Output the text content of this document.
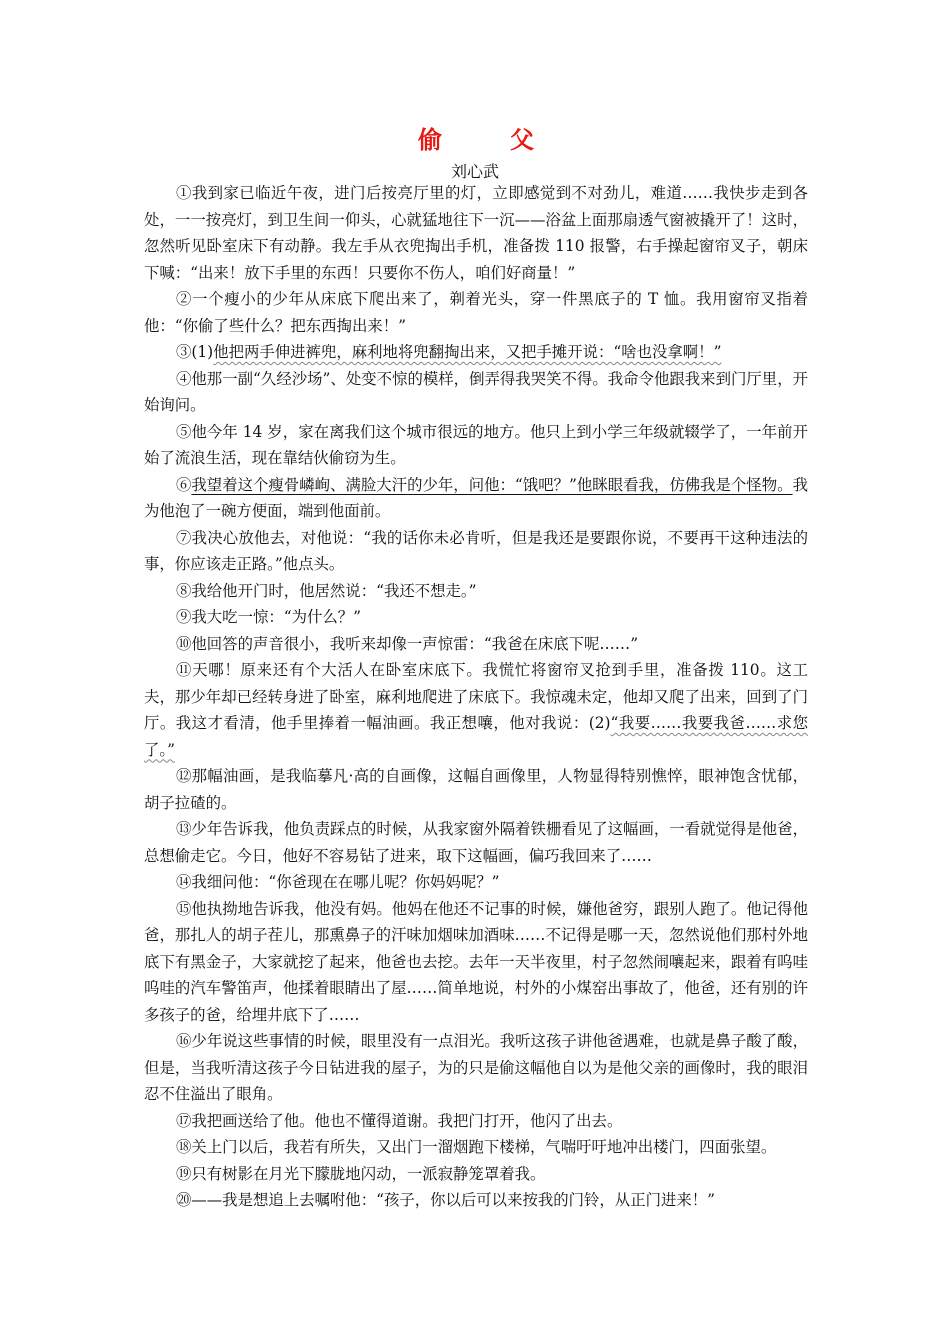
偷　父
刘心武

①我到家已临近午夜，进门后按亮厅里的灯，立即感觉到不对劲儿，难道……我快步走到各处，一一按亮灯，到卫生间一仰头，心就猛地往下一沉——浴盆上面那扇透气窗被撬开了！这时，忽然听见卧室床下有动静。我左手从衣兜掏出手机，准备拨 110 报警，右手操起窗帘叉子，朝床下喊：“出来！放下手里的东西！只要你不伤人，咱们好商量！”

②一个瘦小的少年从床底下爬出来了，剃着光头，穿一件黑底子的 T 恤。我用窗帘叉指着他：“你偷了些什么？把东西掏出来！”

③(1)他把两手伸进裤兜，麻利地将兜翻掏出来，又把手摊开说：“啥也没拿啊！”

④他那一副“久经沙场”、处变不惊的模样，倒弄得我哭笑不得。我命令他跟我来到门厅里，开始询问。

⑤他今年 14 岁，家在离我们这个城市很远的地方。他只上到小学三年级就辍学了，一年前开始了流浪生活，现在靠结伙偷窃为生。

⑥我望着这个瘦骨嶙峋、满脸大汗的少年，问他：“饿吧？”他眯眼看我，仿佛我是个怪物。我为他泡了一碗方便面，端到他面前。

⑦我决心放他去，对他说：“我的话你未必肯听，但是我还是要跟你说，不要再干这种违法的事，你应该走正路。”他点头。

⑧我给他开门时，他居然说：“我还不想走。”

⑨我大吃一惊：“为什么？”

⑩他回答的声音很小，我听来却像一声惊雷：“我爸在床底下呢……”

⑪天哪！原来还有个大活人在卧室床底下。我慌忙将窗帘叉抢到手里，准备拨 110。这工夫，那少年却已经转身进了卧室，麻利地爬进了床底下。我惊魂未定，他却又爬了出来，回到了门厅。我这才看清，他手里捧着一幅油画。我正想嚷，他对我说：(2)“我要……我要我爸……求您了。”

⑫那幅油画，是我临摹凡·高的自画像，这幅自画像里，人物显得特别憔悴，眼神饱含忧郁，胡子拉碴的。

⑬少年告诉我，他负责踩点的时候，从我家窗外隔着铁栅看见了这幅画，一看就觉得是他爸，总想偷走它。今日，他好不容易钻了进来，取下这幅画，偏巧我回来了……

⑭我细问他：“你爸现在在哪儿呢？你妈妈呢？”

⑮他执拗地告诉我，他没有妈。他妈在他还不记事的时候，嫌他爸穷，跟别人跑了。他记得他爸，那扎人的胡子茬儿，那熏鼻子的汗味加烟味加酒味……不记得是哪一天，忽然说他们那村外地底下有黑金子，大家就挖了起来，他爸也去挖。去年一天半夜里，村子忽然闹嚷起来，跟着有呜哇呜哇的汽车警笛声，他揉着眼睛出了屋……简单地说，村外的小煤窑出事故了，他爸，还有别的许多孩子的爸，给埋井底下了……

⑯少年说这些事情的时候，眼里没有一点泪光。我听这孩子讲他爸遇难，也就是鼻子酸了酸，但是，当我听清这孩子今日钻进我的屋子，为的只是偷这幅他自以为是他父亲的画像时，我的眼泪忍不住溢出了眼角。

⑰我把画送给了他。他也不懂得道谢。我把门打开，他闪了出去。

⑱关上门以后，我若有所失，又出门一溜烟跑下楼梯，气喘吁吁地冲出楼门，四面张望。

⑲只有树影在月光下朦胧地闪动，一派寂静笼罩着我。

⑳——我是想追上去嘱咐他：“孩子，你以后可以来按我的门铃，从正门进来！”
